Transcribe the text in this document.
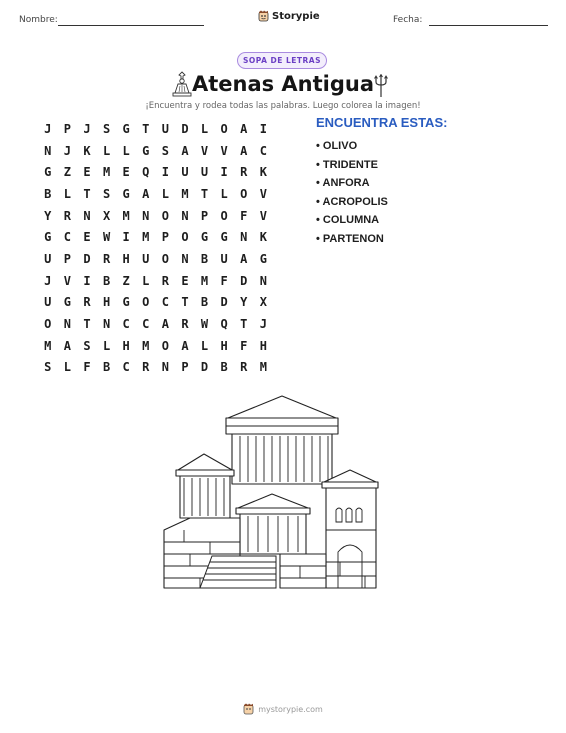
Nombre:	Storypie	Fecha:
SOPA DE LETRAS
Atenas Antigua
¡Encuentra y rodea todas las palabras. Luego colorea la imagen!
J	P	J	S	G	T	U	D	L	O	A	I
N	J	K	L	L	G	S	A	V	V	A	C
G	Z	E	M	E	Q	I	U	U	I	R	K
B	L	T	S	G	A	L	M	T	L	O	V
Y	R	N	X	M	N	O	N	P	O	F	V
G	C	E	W	I	M	P	O	G	G	N	K
U	P	D	R	H	U	O	N	B	U	A	G
J	V	I	B	Z	L	R	E	M	F	D	N
U	G	R	H	G	O	C	T	B	D	Y	X
O	N	T	N	C	C	A	R	W	Q	T	J
M	A	S	L	H	M	O	A	L	H	F	H
S	L	F	B	C	R	N	P	D	B	R	M
ENCUENTRA ESTAS:
• OLIVO
• TRIDENTE
• ANFORA
• ACROPOLIS
• COLUMNA
• PARTENON
mystorypie.com
